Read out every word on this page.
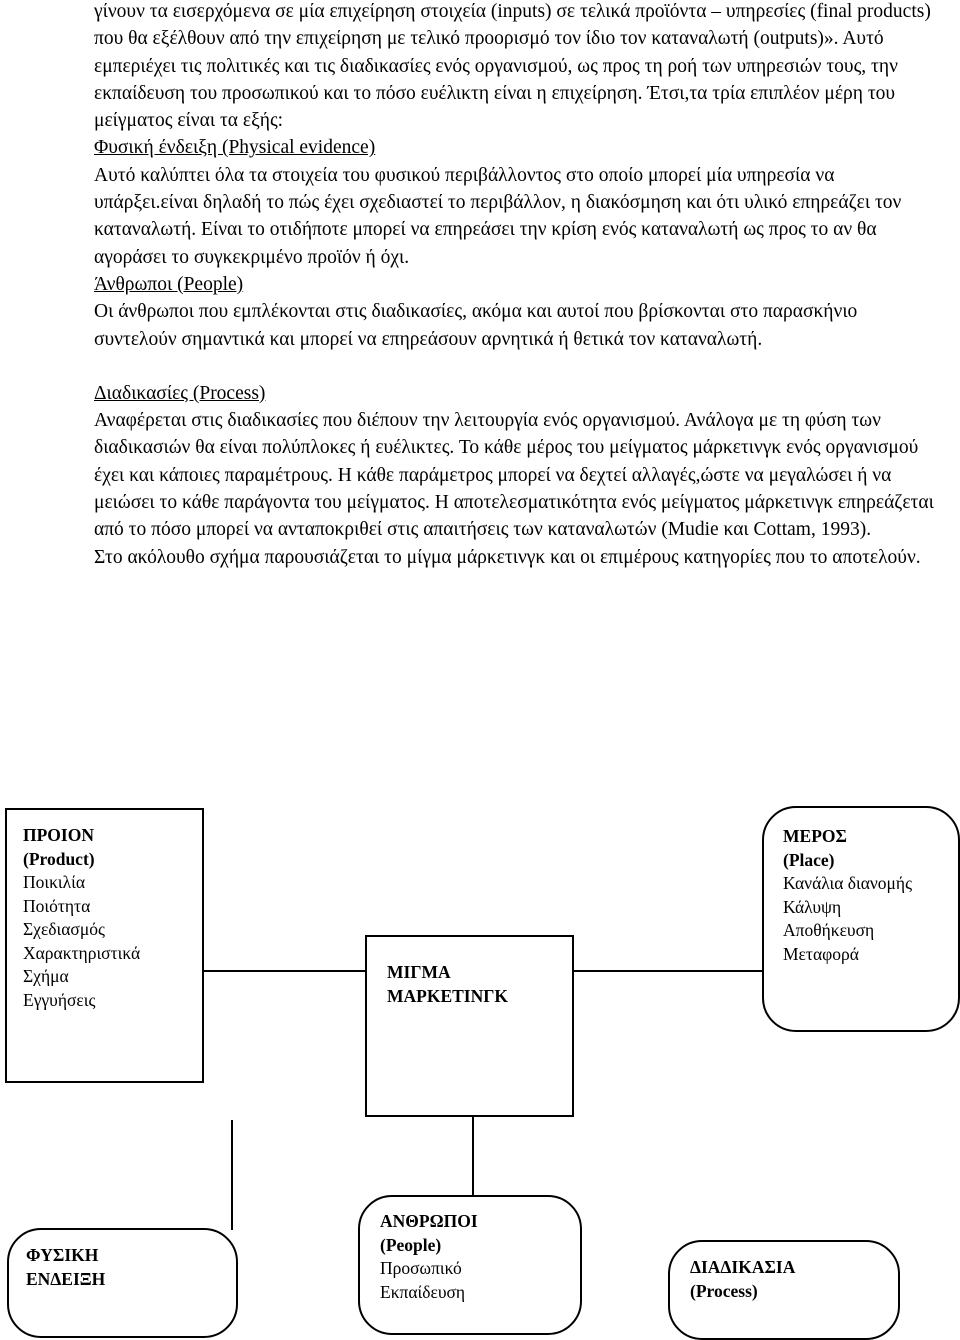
γίνουν τα εισερχόμενα σε μία επιχείρηση στοιχεία (inputs) σε τελικά προϊόντα – υπηρεσίες (final products) που θα εξέλθουν από την επιχείρηση με τελικό προορισμό τον ίδιο τον καταναλωτή (outputs)». Αυτό εμπεριέχει τις πολιτικές και τις διαδικασίες ενός οργανισμού, ως προς τη ροή των υπηρεσιών τους, την εκπαίδευση του προσωπικού και το πόσο ευέλικτη είναι η επιχείρηση. Έτσι,τα τρία επιπλέον μέρη του μείγματος είναι τα εξής:

Φυσική ένδειξη (Physical evidence)

Αυτό καλύπτει όλα τα στοιχεία του φυσικού περιβάλλοντος στο οποίο μπορεί μία υπηρεσία να υπάρξει.είναι δηλαδή το πώς έχει σχεδιαστεί το περιβάλλον, η διακόσμηση και ότι υλικό επηρεάζει τον καταναλωτή. Είναι το οτιδήποτε μπορεί να επηρεάσει την κρίση ενός καταναλωτή ως προς το αν θα αγοράσει το συγκεκριμένο προϊόν ή όχι.

Άνθρωποι (People)

Οι άνθρωποι που εμπλέκονται στις διαδικασίες, ακόμα και αυτοί που βρίσκονται στο παρασκήνιο συντελούν σημαντικά και μπορεί να επηρεάσουν αρνητικά ή θετικά τον καταναλωτή.

Διαδικασίες (Process)

Αναφέρεται στις διαδικασίες που διέπουν την λειτουργία ενός οργανισμού. Ανάλογα με τη φύση των διαδικασιών θα είναι πολύπλοκες ή ευέλικτες. Το κάθε μέρος του μείγματος μάρκετινγκ ενός οργανισμού έχει και κάποιες παραμέτρους. Η κάθε παράμετρος μπορεί να δεχτεί αλλαγές,ώστε να μεγαλώσει ή να μειώσει το κάθε παράγοντα του μείγματος. Η αποτελεσματικότητα ενός μείγματος μάρκετινγκ επηρεάζεται από το πόσο μπορεί να ανταποκριθεί στις απαιτήσεις των καταναλωτών (Mudie και Cottam, 1993).

Στο ακόλουθο σχήμα παρουσιάζεται το μίγμα μάρκετινγκ και οι επιμέρους κατηγορίες που το αποτελούν.

ΠΡΟΙΟΝ
(Product)
Ποικιλία
Ποιότητα
Σχεδιασμός
Χαρακτηριστικά
Σχήμα
Εγγυήσεις
ΜΙΓΜΑ
ΜΑΡΚΕΤΙΝΓΚ
ΜΕΡΟΣ
(Place)
Κανάλια διανομής
Κάλυψη
Αποθήκευση
Μεταφορά
ΦΥΣΙΚΗ
ΕΝΔΕΙΞΗ
ΑΝΘΡΩΠΟΙ
(People)
Προσωπικό
Εκπαίδευση
ΔΙΑΔΙΚΑΣΙΑ
(Process)
